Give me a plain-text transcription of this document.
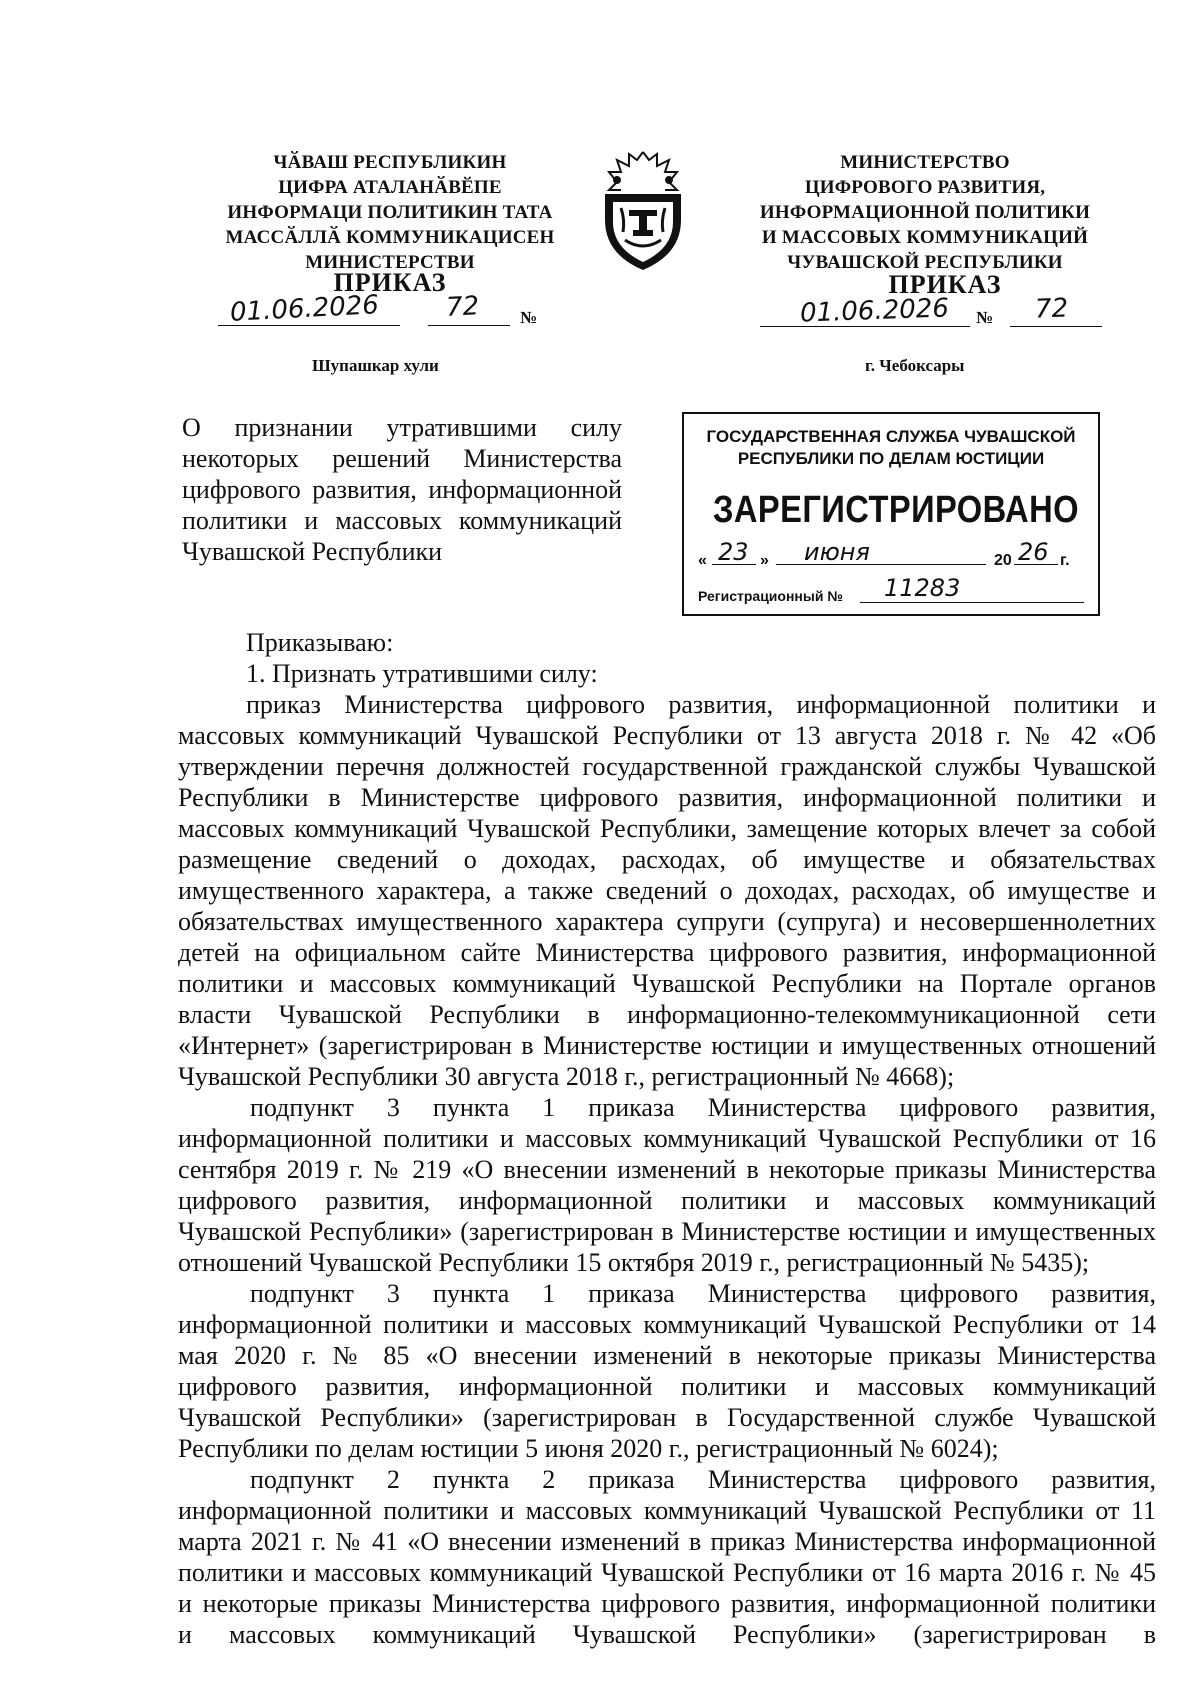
ЧӐВАШ РЕСПУБЛИКИН
ЦИФРА АТАЛАНӐВӖПЕ
ИНФОРМАЦИ ПОЛИТИКИН ТАТА
МАССӐЛЛӐ КОММУНИКАЦИСЕН
МИНИСТЕРСТВИ
ПРИКАЗ
01.06.2026	72 №
Шупашкар хули
МИНИСТЕРСТВО
ЦИФРОВОГО РАЗВИТИЯ,
ИНФОРМАЦИОННОЙ ПОЛИТИКИ
И МАССОВЫХ КОММУНИКАЦИЙ
ЧУВАШСКОЙ РЕСПУБЛИКИ
ПРИКАЗ
01.06.2026 № 72
г. Чебоксары
О признании утратившими силу
некоторых решений Министерства
цифрового развития, информационной
политики и массовых коммуникаций
Чувашской Республики
ГОСУДАРСТВЕННАЯ СЛУЖБА ЧУВАШСКОЙ
РЕСПУБЛИКИ ПО ДЕЛАМ ЮСТИЦИИ
ЗАРЕГИСТРИРОВАНО
« 23 » июня	20 26 г.
Регистрационный № 11283
Приказываю:
1. Признать утратившими силу:
приказ Министерства цифрового развития, информационной политики и
массовых коммуникаций Чувашской Республики от 13 августа 2018 г. № 42 «Об
утверждении перечня должностей государственной гражданской службы Чувашской
Республики в Министерстве цифрового развития, информационной политики и
массовых коммуникаций Чувашской Республики, замещение которых влечет за собой
размещение сведений о доходах, расходах, об имуществе и обязательствах
имущественного характера, а также сведений о доходах, расходах, об имуществе и
обязательствах имущественного характера супруги (супруга) и несовершеннолетних
детей на официальном сайте Министерства цифрового развития, информационной
политики и массовых коммуникаций Чувашской Республики на Портале органов
власти Чувашской Республики в информационно-телекоммуникационной сети
«Интернет» (зарегистрирован в Министерстве юстиции и имущественных отношений
Чувашской Республики 30 августа 2018 г., регистрационный № 4668);
подпункт 3 пункта 1 приказа Министерства цифрового развития,
информационной политики и массовых коммуникаций Чувашской Республики от 16
сентября 2019 г. № 219 «О внесении изменений в некоторые приказы Министерства
цифрового развития, информационной политики и массовых коммуникаций
Чувашской Республики» (зарегистрирован в Министерстве юстиции и имущественных
отношений Чувашской Республики 15 октября 2019 г., регистрационный № 5435);
подпункт 3 пункта 1 приказа Министерства цифрового развития,
информационной политики и массовых коммуникаций Чувашской Республики от 14
мая 2020 г. № 85 «О внесении изменений в некоторые приказы Министерства
цифрового развития, информационной политики и массовых коммуникаций
Чувашской Республики» (зарегистрирован в Государственной службе Чувашской
Республики по делам юстиции 5 июня 2020 г., регистрационный № 6024);
подпункт 2 пункта 2 приказа Министерства цифрового развития,
информационной политики и массовых коммуникаций Чувашской Республики от 11
марта 2021 г. № 41 «О внесении изменений в приказ Министерства информационной
политики и массовых коммуникаций Чувашской Республики от 16 марта 2016 г. № 45
и некоторые приказы Министерства цифрового развития, информационной политики
и массовых коммуникаций Чувашской Республики» (зарегистрирован в
